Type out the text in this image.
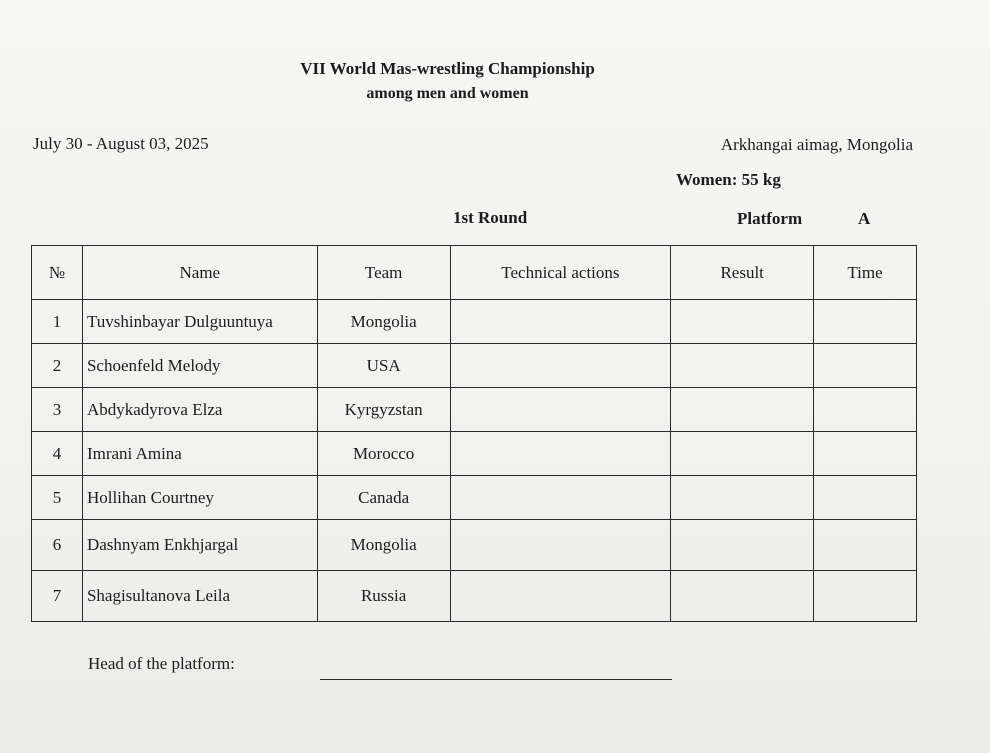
VII World Mas-wrestling Championship
among men and women
July 30 - August 03, 2025	Arkhangai aimag, Mongolia
Women: 55 kg
1st Round	Platform	A
№	Name	Team	Technical actions	Result	Time
1	Tuvshinbayar Dulguuntuya	Mongolia			
2	Schoenfeld Melody	USA			
3	Abdykadyrova Elza	Kyrgyzstan			
4	Imrani Amina	Morocco			
5	Hollihan Courtney	Canada			
6	Dashnyam Enkhjargal	Mongolia			
7	Shagisultanova Leila	Russia			
Head of the platform:
